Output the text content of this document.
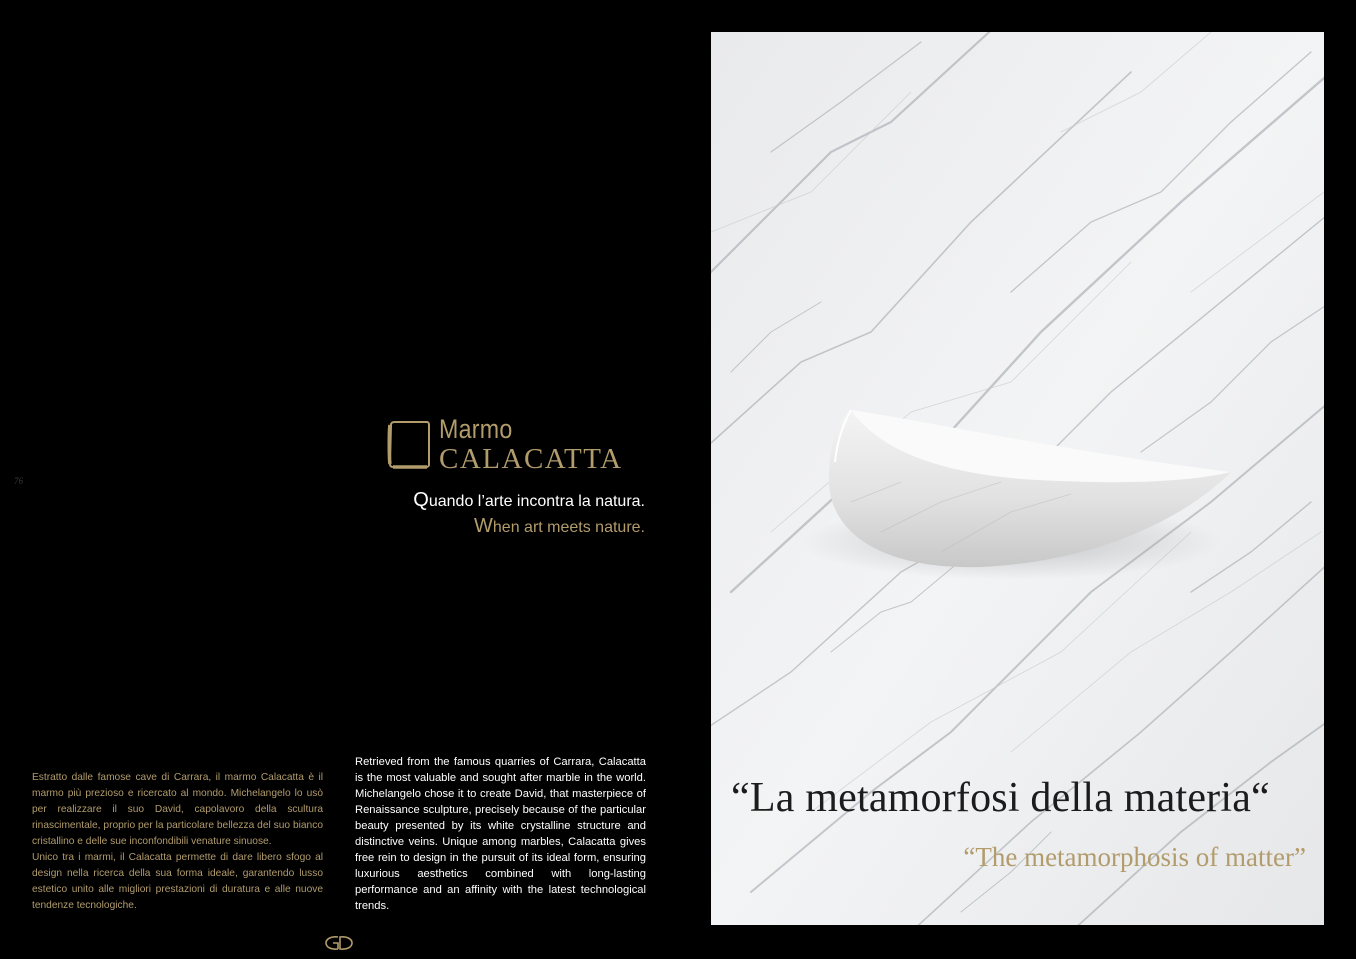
76
Marmo
CALACATTA
Quando l’arte incontra la natura.
When art meets nature.

Estratto dalle famose cave di Carrara, il marmo Calacatta è il marmo più prezioso e ricercato al mondo. Michelangelo lo usò per realizzare il suo David, capolavoro della scultura rinascimentale, proprio per la particolare bellezza del suo bianco cristallino e delle sue inconfondibili venature sinuose.

Unico tra i marmi, il Calacatta permette di dare libero sfogo al design nella ricerca della sua forma ideale, garantendo lusso estetico unito alle migliori prestazioni di duratura e alle nuove tendenze tecnologiche.

Retrieved from the famous quarries of Carrara, Calacatta is the most valuable and sought after marble in the world. Michelangelo chose it to create David, that masterpiece of Renaissance sculpture, precisely because of the particular beauty presented by its white crystalline structure and distinctive veins. Unique among marbles, Calacatta gives free rein to design in the pursuit of its ideal form, ensuring luxurious aesthetics combined with long-lasting performance and an affinity with the latest technological trends.

“La metamorfosi della materia“
“The metamorphosis of matter”
